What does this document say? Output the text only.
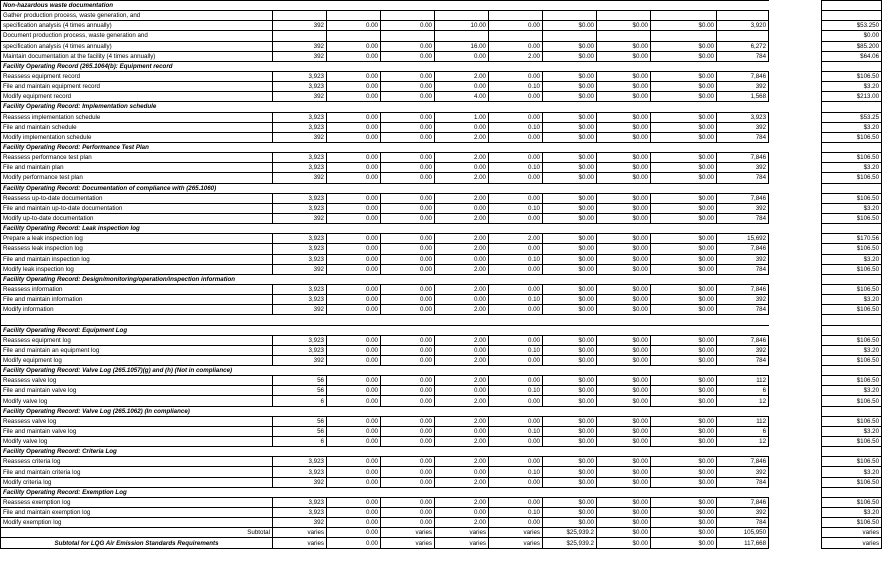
Non-hazardous waste documentation												
Gather production process, waste generation, and												
specification analysis (4 times annually)	392	0.00	0.00	10.00	0.00	$0.00	$0.00	$0.00	3,920		$53.250	
Document production process, waste generation and											$0.00	
specification analysis (4 times annually)	392	0.00	0.00	16.00	0.00	$0.00	$0.00	$0.00	6,272		$85.200	
Maintain documentation at the facility (4 times annually)	392	0.00	0.00	0.00	2.00	$0.00	$0.00	$0.00	784		$64.06	
Facility Operating Record (265.1064(b): Equipment record												
Reassess equipment record	3,923	0.00	0.00	2.00	0.00	$0.00	$0.00	$0.00	7,846		$106.50	
File and maintain equipment record	3,923	0.00	0.00	0.00	0.10	$0.00	$0.00	$0.00	392		$3.20	
Modify equipment record	392	0.00	0.00	4.00	0.00	$0.00	$0.00	$0.00	1,568		$213.00	
Facility Operating Record: Implementation schedule												
Reassess implementation schedule	3,923	0.00	0.00	1.00	0.00	$0.00	$0.00	$0.00	3,923		$53.25	
File and maintain schedule	3,923	0.00	0.00	0.00	0.10	$0.00	$0.00	$0.00	392		$3.20	
Modify implementation schedule	392	0.00	0.00	2.00	0.00	$0.00	$0.00	$0.00	784		$106.50	
Facility Operating Record: Performance Test Plan												
Reassess performance test plan	3,923	0.00	0.00	2.00	0.00	$0.00	$0.00	$0.00	7,846		$106.50	
File and maintain plan	3,923	0.00	0.00	0.00	0.10	$0.00	$0.00	$0.00	392		$3.20	
Modify performance test plan	392	0.00	0.00	2.00	0.00	$0.00	$0.00	$0.00	784		$106.50	
Facility Operating Record: Documentation of compliance with (265.1060)												
Reassess up-to-date documentation	3,923	0.00	0.00	2.00	0.00	$0.00	$0.00	$0.00	7,846		$106.50	
File and maintain up-to-date documentation	3,923	0.00	0.00	0.00	0.10	$0.00	$0.00	$0.00	392		$3.20	
Modify up-to-date documentation	392	0.00	0.00	2.00	0.00	$0.00	$0.00	$0.00	784		$106.50	
Facility Operating Record: Leak inspection log												
Prepare a leak inspection log	3,923	0.00	0.00	2.00	2.00	$0.00	$0.00	$0.00	15,692		$170.56	
Reassess leak inspection log	3,923	0.00	0.00	2.00	0.00	$0.00	$0.00	$0.00	7,846		$106.50	
File and maintain inspection log	3,923	0.00	0.00	0.00	0.10	$0.00	$0.00	$0.00	392		$3.20	
Modify leak inspection log	392	0.00	0.00	2.00	0.00	$0.00	$0.00	$0.00	784		$106.50	
Facility Operating Record: Design/monitoring/operation/inspection information												
Reassess information	3,923	0.00	0.00	2.00	0.00	$0.00	$0.00	$0.00	7,846		$106.50	
File and maintain information	3,923	0.00	0.00	0.00	0.10	$0.00	$0.00	$0.00	392		$3.20	
Modify information	392	0.00	0.00	2.00	0.00	$0.00	$0.00	$0.00	784		$106.50	

Facility Operating Record: Equipment Log												
Reassess equipment log	3,923	0.00	0.00	2.00	0.00	$0.00	$0.00	$0.00	7,846		$106.50	
File and maintain an equipment log	3,923	0.00	0.00	0.00	0.10	$0.00	$0.00	$0.00	392		$3.20	
Modify equipment log	392	0.00	0.00	2.00	0.00	$0.00	$0.00	$0.00	784		$106.50	
Facility Operating Record: Valve Log (265.1057)(g) and (h) (Not in compliance)												
Reassess valve log	56	0.00	0.00	2.00	0.00	$0.00	$0.00	$0.00	112		$106.50	
File and maintain valve log	56	0.00	0.00	0.00	0.10	$0.00	$0.00	$0.00	6		$3.20	
Modify valve log	6	0.00	0.00	2.00	0.00	$0.00	$0.00	$0.00	12		$106.50	
Facility Operating Record: Valve Log (265.1062) (In compliance)												
Reassess valve log	56	0.00	0.00	2.00	0.00	$0.00	$0.00	$0.00	112		$106.50	
File and maintain valve log	56	0.00	0.00	0.00	0.10	$0.00	$0.00	$0.00	6		$3.20	
Modify valve log	6	0.00	0.00	2.00	0.00	$0.00	$0.00	$0.00	12		$106.50	
Facility Operating Record: Criteria Log												
Reassess criteria log	3,923	0.00	0.00	2.00	0.00	$0.00	$0.00	$0.00	7,846		$106.50	
File and maintain criteria log	3,923	0.00	0.00	0.00	0.10	$0.00	$0.00	$0.00	392		$3.20	
Modify criteria log	392	0.00	0.00	2.00	0.00	$0.00	$0.00	$0.00	784		$106.50	
Facility Operating Record: Exemption Log												
Reassess exemption log	3,923	0.00	0.00	2.00	0.00	$0.00	$0.00	$0.00	7,846		$106.50	
File and maintain exemption log	3,923	0.00	0.00	0.00	0.10	$0.00	$0.00	$0.00	392		$3.20	
Modify exemption log	392	0.00	0.00	2.00	0.00	$0.00	$0.00	$0.00	784		$106.50	
Subtotal	varies	0.00	varies	varies	varies	$25,939.2	$0.00	$0.00	105,950		varies	
Subtotal for LQG Air Emission Standards Requirements	varies	0.00	varies	varies	varies	$25,939.2	$0.00	$0.00	117,668		varies	
